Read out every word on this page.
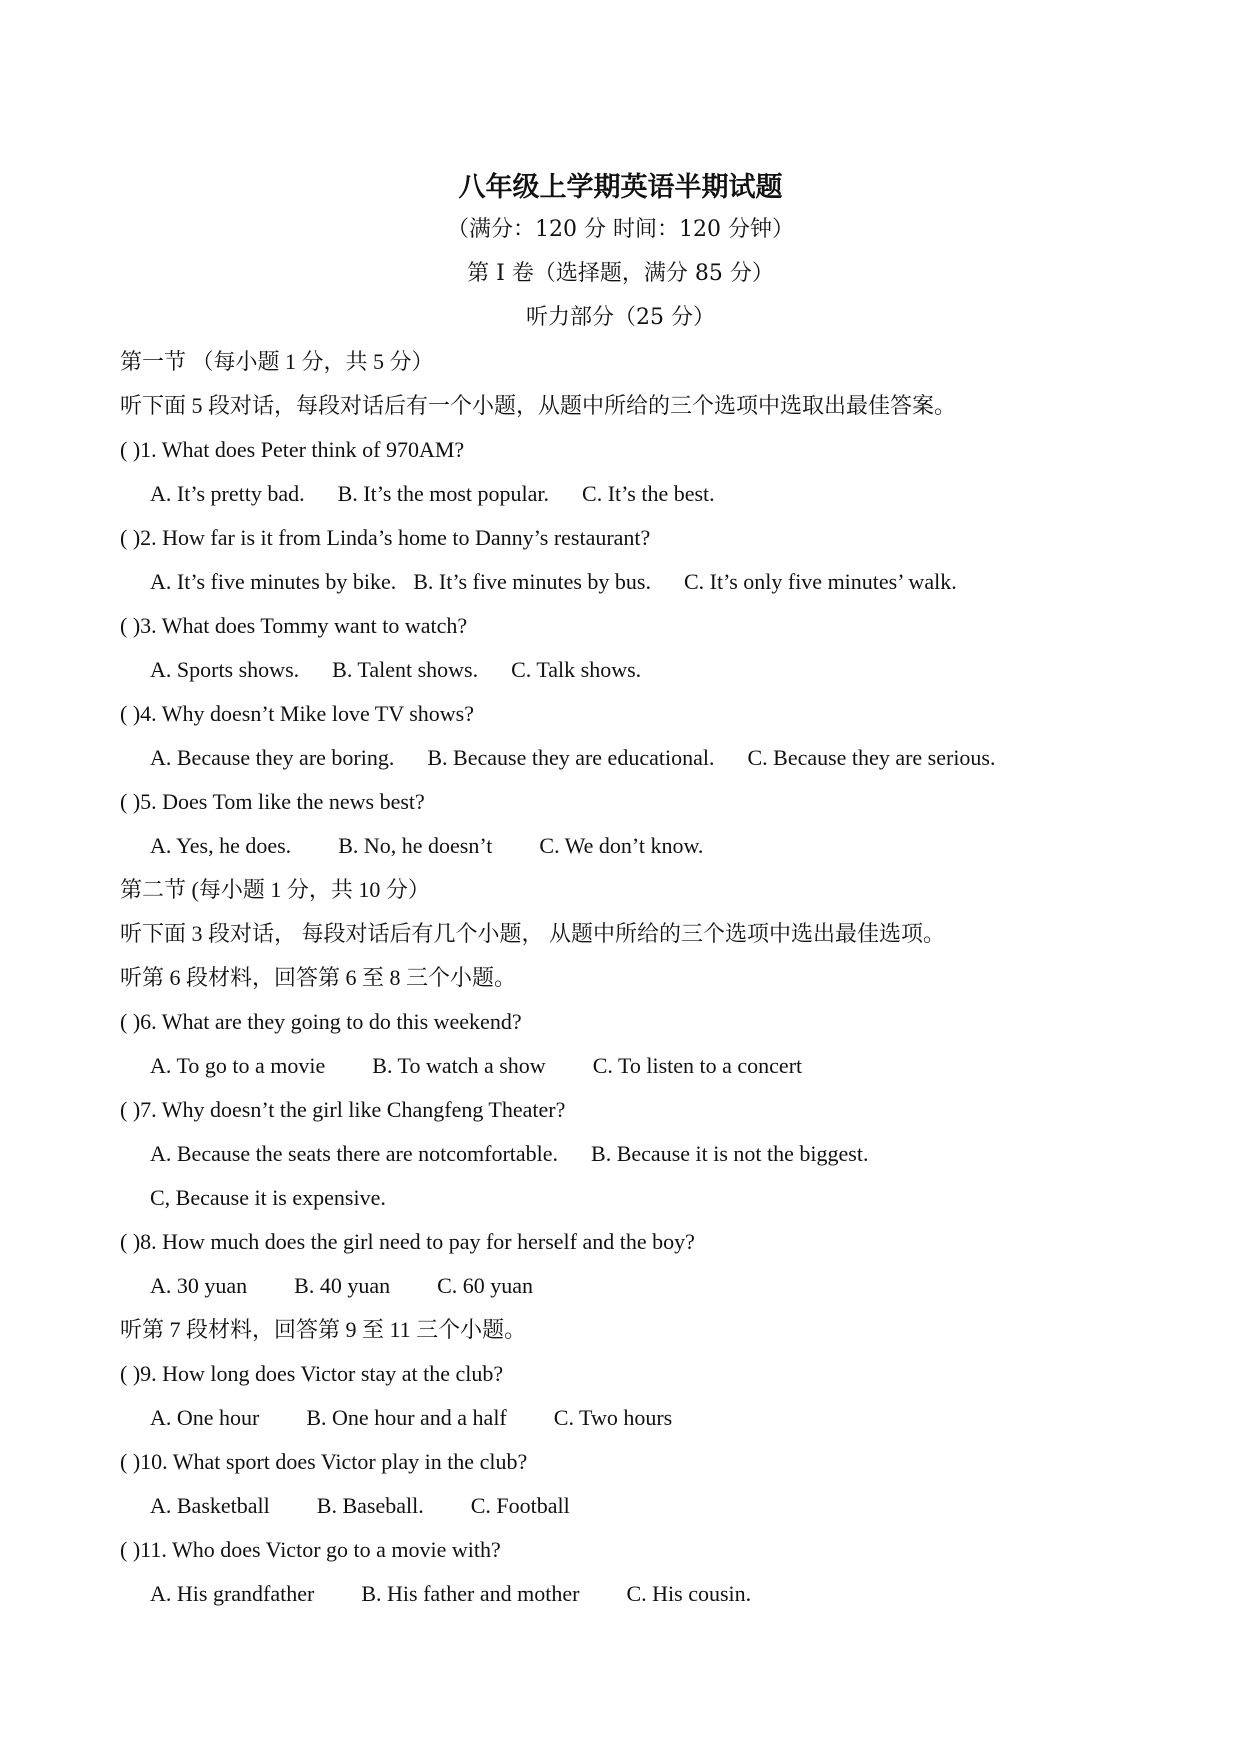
八年级上学期英语半期试题
（满分：120 分 时间：120 分钟）
第 I 卷（选择题，满分 85 分）
听力部分（25 分）
第一节 （每小题 1 分，共 5 分）
听下面 5 段对话，每段对话后有一个小题，从题中所给的三个选项中选取出最佳答案。
( )1. What does Peter think of 970AM?
A. It’s pretty bad. B. It’s the most popular. C. It’s the best.
( )2. How far is it from Linda’s home to Danny’s restaurant?
A. It’s five minutes by bike. B. It’s five minutes by bus. C. It’s only five minutes’ walk.
( )3. What does Tommy want to watch?
A. Sports shows. B. Talent shows. C. Talk shows.
( )4. Why doesn’t Mike love TV shows?
A. Because they are boring. B. Because they are educational. C. Because they are serious.
( )5. Does Tom like the news best?
A. Yes, he does. B. No, he doesn’t C. We don’t know.
第二节 (每小题 1 分，共 10 分）
听下面 3 段对话， 每段对话后有几个小题， 从题中所给的三个选项中选出最佳选项。
听第 6 段材料，回答第 6 至 8 三个小题。
( )6. What are they going to do this weekend?
A. To go to a movie B. To watch a show C. To listen to a concert
( )7. Why doesn’t the girl like Changfeng Theater?
A. Because the seats there are notcomfortable. B. Because it is not the biggest.
C, Because it is expensive.
( )8. How much does the girl need to pay for herself and the boy?
A. 30 yuan B. 40 yuan C. 60 yuan
听第 7 段材料，回答第 9 至 11 三个小题。
( )9. How long does Victor stay at the club?
A. One hour B. One hour and a half C. Two hours
( )10. What sport does Victor play in the club?
A. Basketball B. Baseball. C. Football
( )11. Who does Victor go to a movie with?
A. His grandfather B. His father and mother C. His cousin.
